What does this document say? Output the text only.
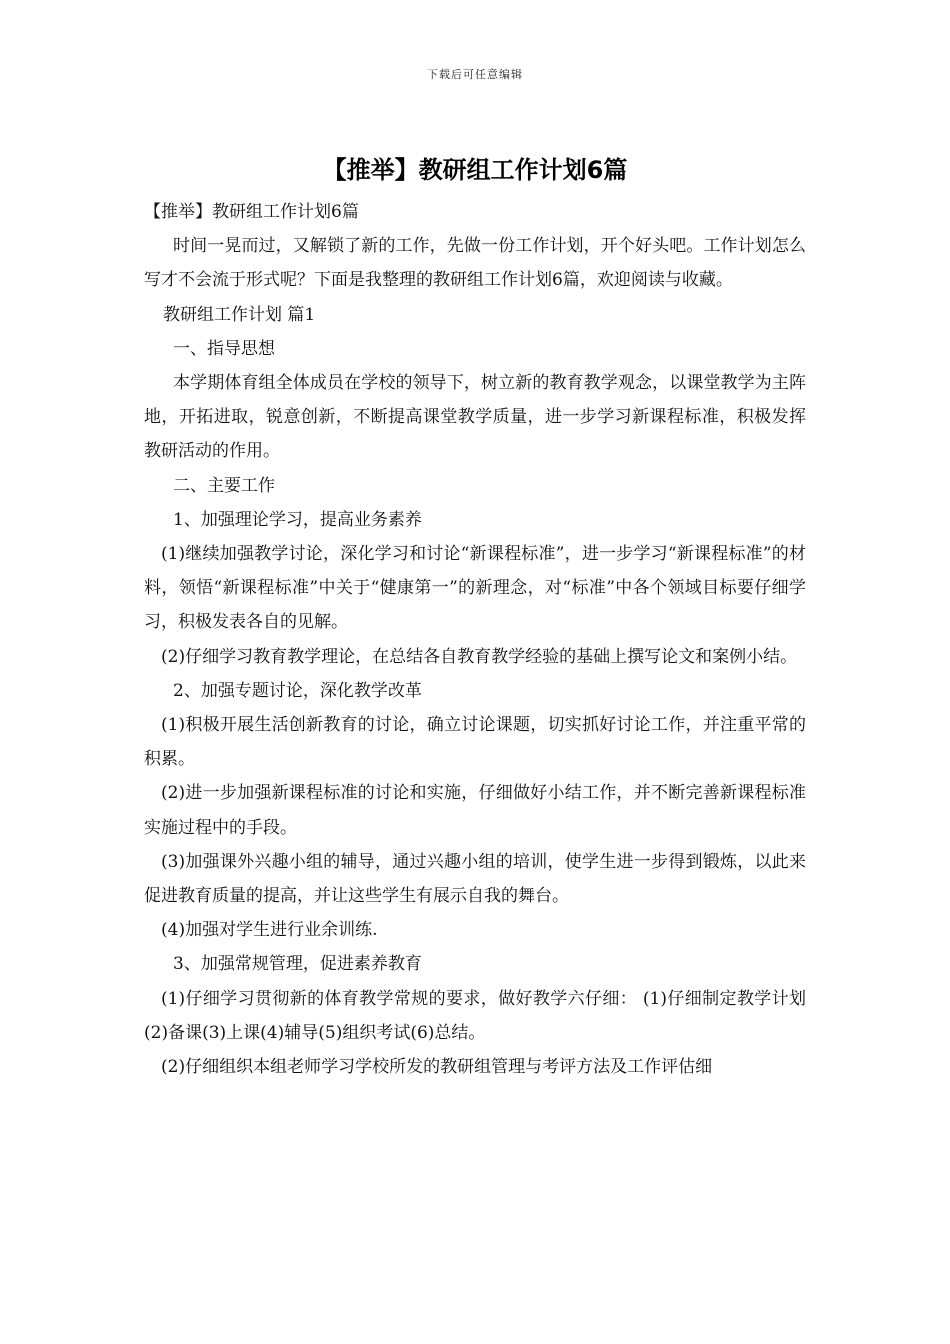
下载后可任意编辑
【推举】教研组工作计划6篇

【推举】教研组工作计划6篇

时间一晃而过，又解锁了新的工作，先做一份工作计划，开个好头吧。工作计划怎么写才不会流于形式呢？下面是我整理的教研组工作计划6篇，欢迎阅读与收藏。

教研组工作计划 篇1

一、指导思想

本学期体育组全体成员在学校的领导下，树立新的教育教学观念，以课堂教学为主阵地，开拓进取，锐意创新，不断提高课堂教学质量，进一步学习新课程标准，积极发挥教研活动的作用。

二、主要工作

1、加强理论学习，提高业务素养

(1)继续加强教学讨论，深化学习和讨论“新课程标准”，进一步学习“新课程标准”的材料，领悟“新课程标准”中关于“健康第一”的新理念，对“标准”中各个领域目标要仔细学习，积极发表各自的见解。

(2)仔细学习教育教学理论，在总结各自教育教学经验的基础上撰写论文和案例小结。

2、加强专题讨论，深化教学改革

(1)积极开展生活创新教育的讨论，确立讨论课题，切实抓好讨论工作，并注重平常的积累。

(2)进一步加强新课程标准的讨论和实施，仔细做好小结工作，并不断完善新课程标准实施过程中的手段。

(3)加强课外兴趣小组的辅导，通过兴趣小组的培训，使学生进一步得到锻炼，以此来促进教育质量的提高，并让这些学生有展示自我的舞台。

(4)加强对学生进行业余训练.

3、加强常规管理，促进素养教育

(1)仔细学习贯彻新的体育教学常规的要求，做好教学六仔细： (1)仔细制定教学计划(2)备课(3)上课(4)辅导(5)组织考试(6)总结。

(2)仔细组织本组老师学习学校所发的教研组管理与考评方法及工作评估细
